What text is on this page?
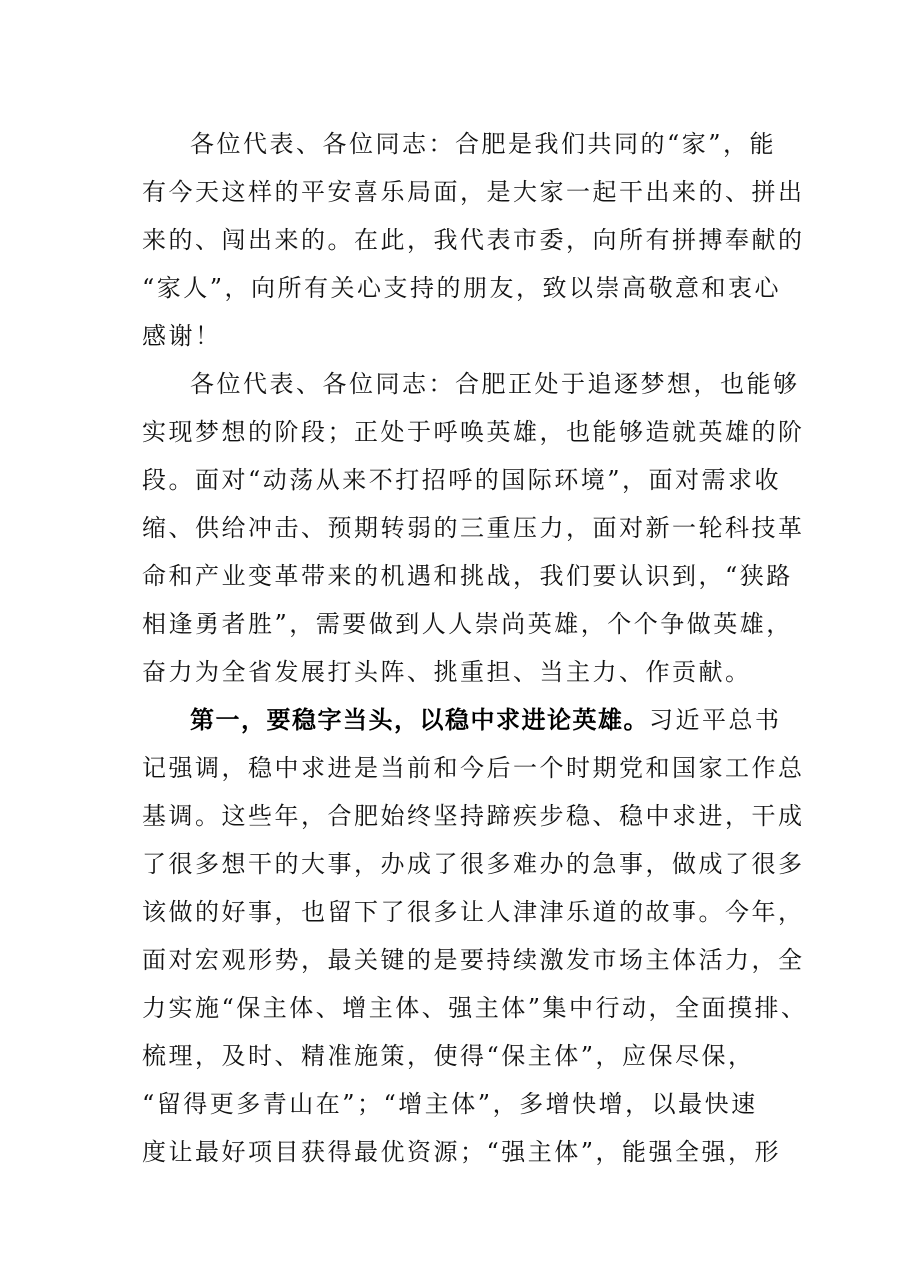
各位代表、各位同志：合肥是我们共同的“家”，能
有今天这样的平安喜乐局面，是大家一起干出来的、拼出
来的、闯出来的。在此，我代表市委，向所有拼搏奉献的
“家人”，向所有关心支持的朋友，致以崇高敬意和衷心
感谢！
各位代表、各位同志：合肥正处于追逐梦想，也能够
实现梦想的阶段；正处于呼唤英雄，也能够造就英雄的阶
段。面对“动荡从来不打招呼的国际环境”，面对需求收
缩、供给冲击、预期转弱的三重压力，面对新一轮科技革
命和产业变革带来的机遇和挑战，我们要认识到，“狭路
相逢勇者胜”，需要做到人人崇尚英雄，个个争做英雄，
奋力为全省发展打头阵、挑重担、当主力、作贡献。
第一，要稳字当头，以稳中求进论英雄。习近平总书
记强调，稳中求进是当前和今后一个时期党和国家工作总
基调。这些年，合肥始终坚持蹄疾步稳、稳中求进，干成
了很多想干的大事，办成了很多难办的急事，做成了很多
该做的好事，也留下了很多让人津津乐道的故事。今年，
面对宏观形势，最关键的是要持续激发市场主体活力，全
力实施“保主体、增主体、强主体”集中行动，全面摸排、
梳理，及时、精准施策，使得“保主体”，应保尽保，
“留得更多青山在”；“增主体”，多增快增，以最快速
度让最好项目获得最优资源；“强主体”，能强全强，形
